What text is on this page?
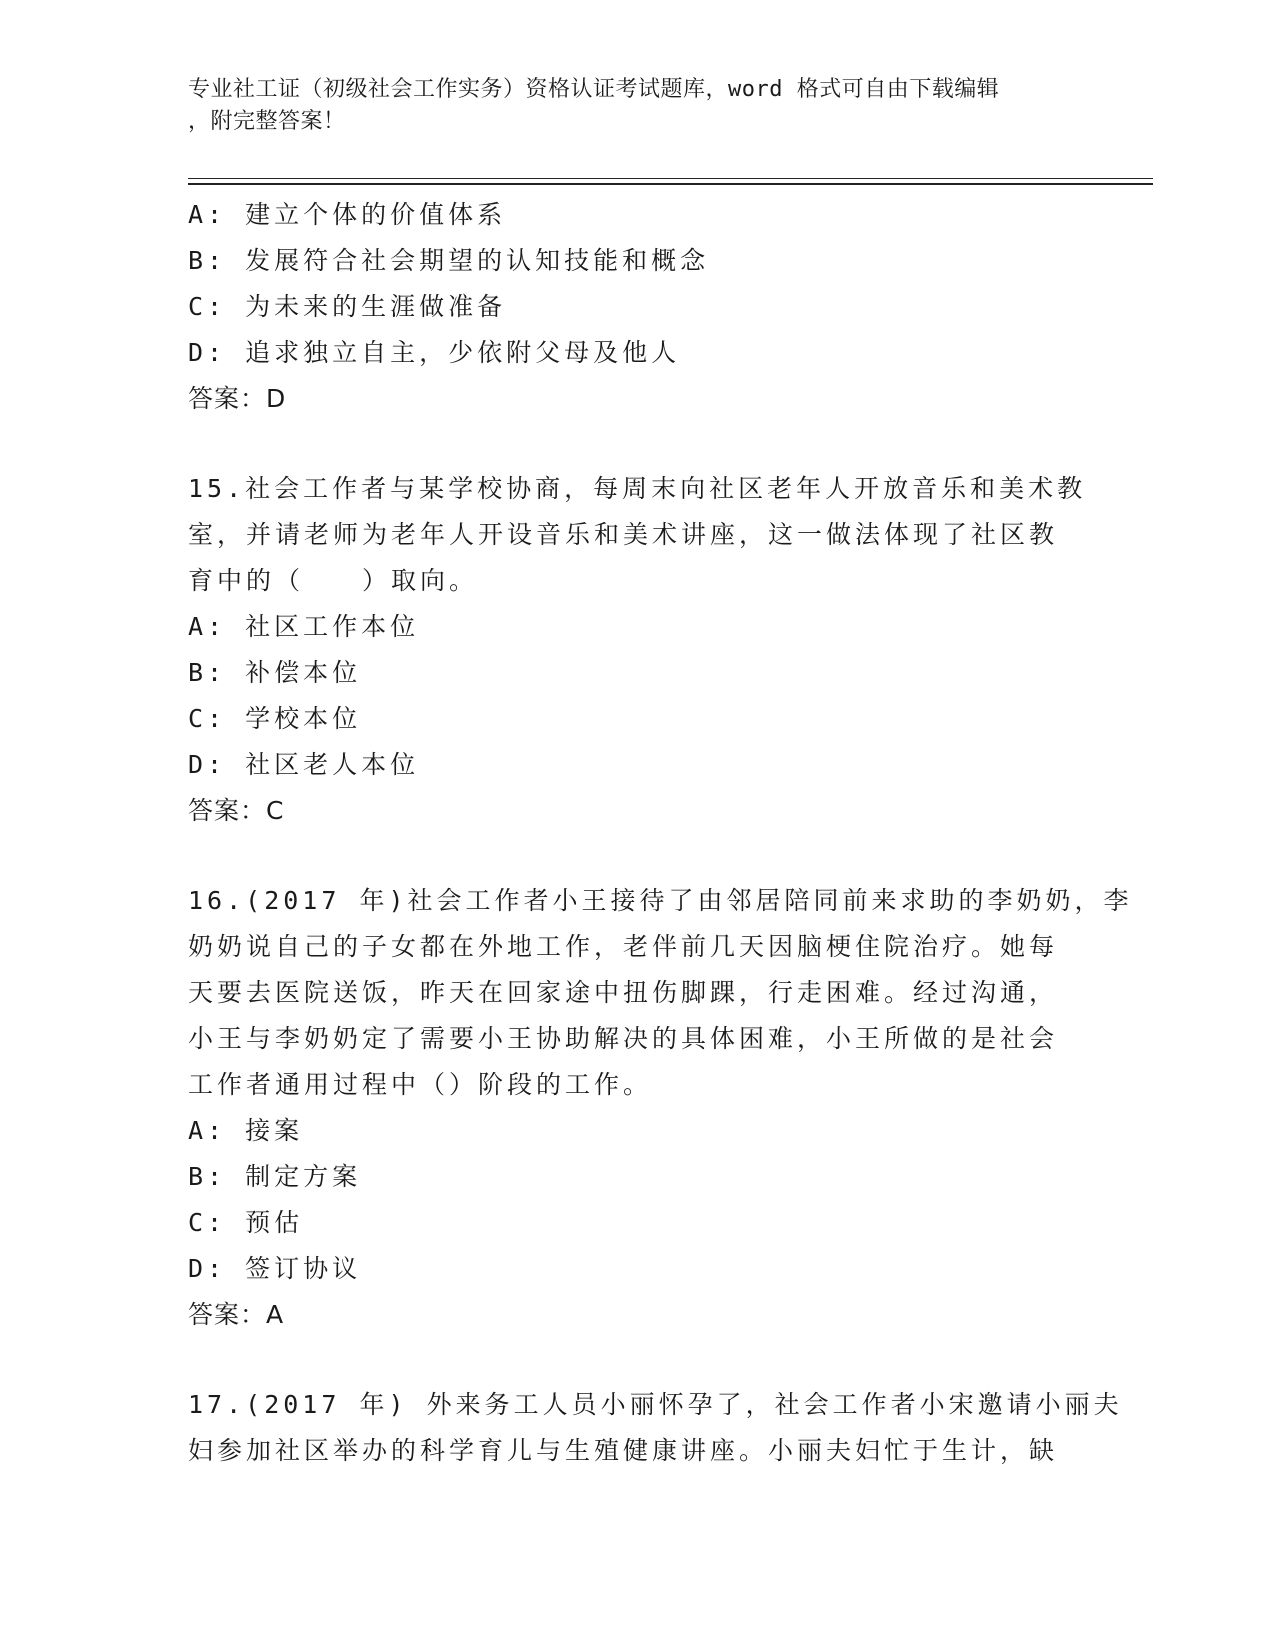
专业社工证（初级社会工作实务）资格认证考试题库，word 格式可自由下载编辑
，附完整答案！
A: 建立个体的价值体系
B: 发展符合社会期望的认知技能和概念
C: 为未来的生涯做准备
D: 追求独立自主，少依附父母及他人
答案：D
15.社会工作者与某学校协商，每周末向社区老年人开放音乐和美术教
室，并请老师为老年人开设音乐和美术讲座，这一做法体现了社区教
育中的（　　）取向。
A: 社区工作本位
B: 补偿本位
C: 学校本位
D: 社区老人本位
答案：C
16.(2017 年)社会工作者小王接待了由邻居陪同前来求助的李奶奶，李
奶奶说自己的子女都在外地工作，老伴前几天因脑梗住院治疗。她每
天要去医院送饭，昨天在回家途中扭伤脚踝，行走困难。经过沟通，
小王与李奶奶定了需要小王协助解决的具体困难，小王所做的是社会
工作者通用过程中（）阶段的工作。
A: 接案
B: 制定方案
C: 预估
D: 签订协议
答案：A
17.(2017 年) 外来务工人员小丽怀孕了，社会工作者小宋邀请小丽夫
妇参加社区举办的科学育儿与生殖健康讲座。小丽夫妇忙于生计，缺
